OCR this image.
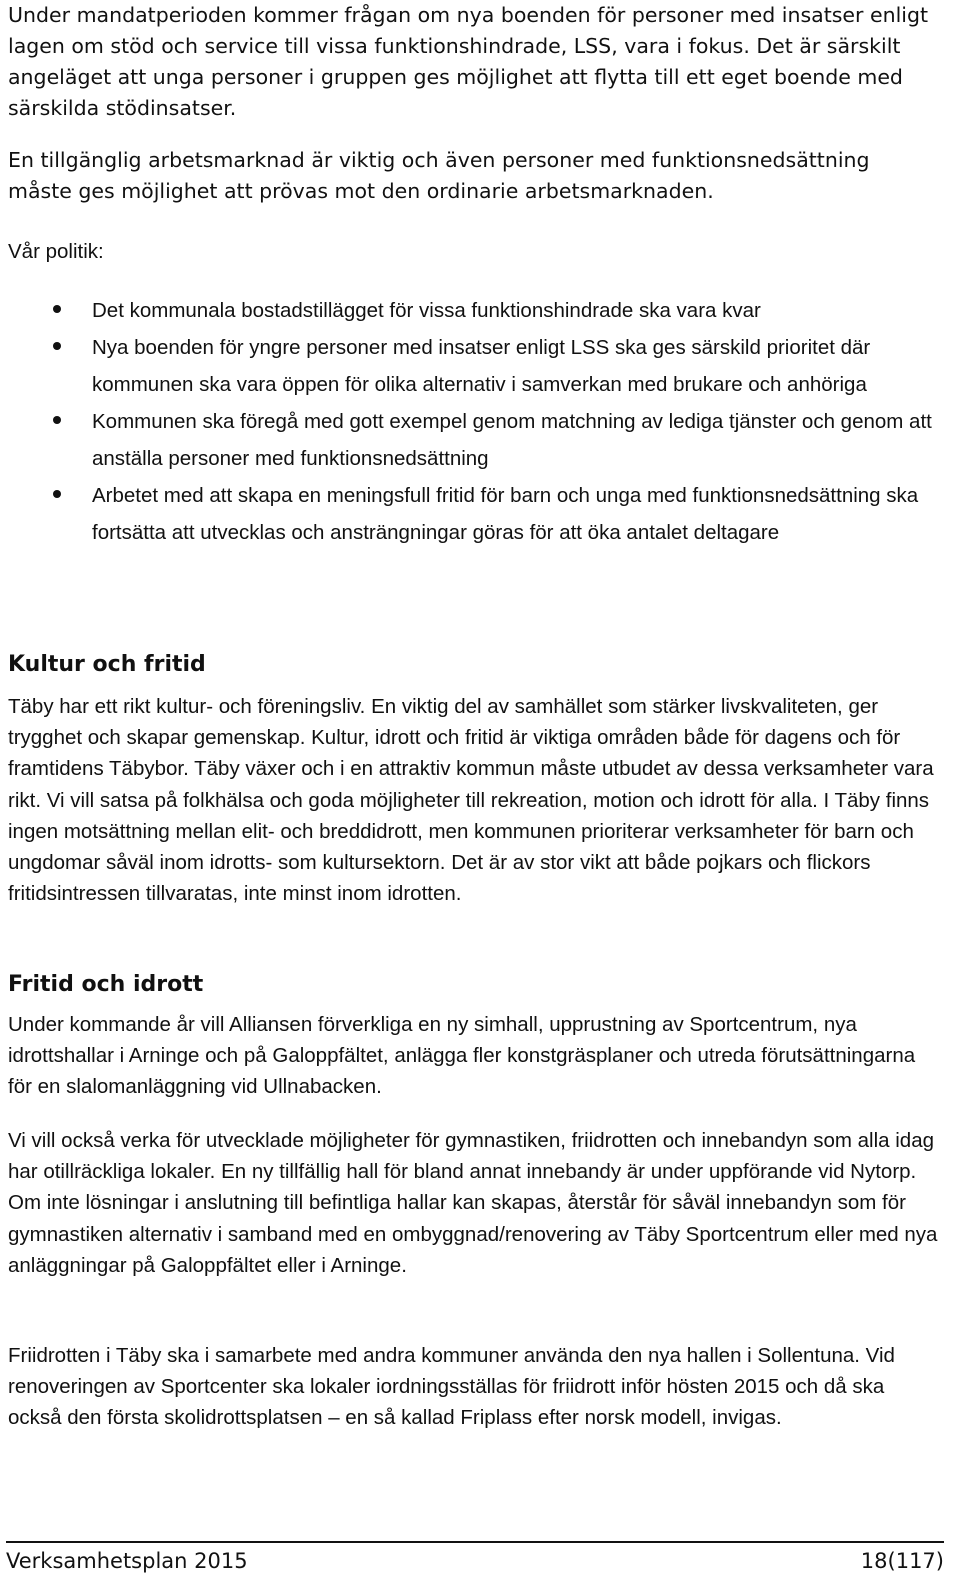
Under mandatperioden kommer frågan om nya boenden för personer med insatser enligt lagen om stöd och service till vissa funktionshindrade, LSS, vara i fokus. Det är särskilt angeläget att unga personer i gruppen ges möjlighet att flytta till ett eget boende med särskilda stödinsatser.

En tillgänglig arbetsmarknad är viktig och även personer med funktionsnedsättning måste ges möjlighet att prövas mot den ordinarie arbetsmarknaden.

Vår politik:

Det kommunala bostadstillägget för vissa funktionshindrade ska vara kvar
Nya boenden för yngre personer med insatser enligt LSS ska ges särskild prioritet där kommunen ska vara öppen för olika alternativ i samverkan med brukare och anhöriga
Kommunen ska föregå med gott exempel genom matchning av lediga tjänster och genom att anställa personer med funktionsnedsättning
Arbetet med att skapa en meningsfull fritid för barn och unga med funktionsnedsättning ska fortsätta att utvecklas och ansträngningar göras för att öka antalet deltagare
Kultur och fritid

Täby har ett rikt kultur- och föreningsliv. En viktig del av samhället som stärker livskvaliteten, ger trygghet och skapar gemenskap. Kultur, idrott och fritid är viktiga områden både för dagens och för framtidens Täbybor. Täby växer och i en attraktiv kommun måste utbudet av dessa verksamheter vara rikt. Vi vill satsa på folkhälsa och goda möjligheter till rekreation, motion och idrott för alla. I Täby finns ingen motsättning mellan elit- och breddidrott, men kommunen prioriterar verksamheter för barn och ungdomar såväl inom idrotts- som kultursektorn. Det är av stor vikt att både pojkars och flickors fritidsintressen tillvaratas, inte minst inom idrotten.

Fritid och idrott

Under kommande år vill Alliansen förverkliga en ny simhall, upprustning av Sportcentrum, nya idrottshallar i Arninge och på Galoppfältet, anlägga fler konstgräsplaner och utreda förutsättningarna för en slalomanläggning vid Ullnabacken.

Vi vill också verka för utvecklade möjligheter för gymnastiken, friidrotten och innebandyn som alla idag har otillräckliga lokaler. En ny tillfällig hall för bland annat innebandy är under uppförande vid Nytorp. Om inte lösningar i anslutning till befintliga hallar kan skapas, återstår för såväl innebandyn som för gymnastiken alternativ i samband med en ombyggnad/renovering av Täby Sportcentrum eller med nya anläggningar på Galoppfältet eller i Arninge.

Friidrotten i Täby ska i samarbete med andra kommuner använda den nya hallen i Sollentuna. Vid renoveringen av Sportcenter ska lokaler iordningsställas för friidrott inför hösten 2015 och då ska också den första skolidrottsplatsen – en så kallad Friplass efter norsk modell, invigas.

Verksamhetsplan 2015	18(117)
